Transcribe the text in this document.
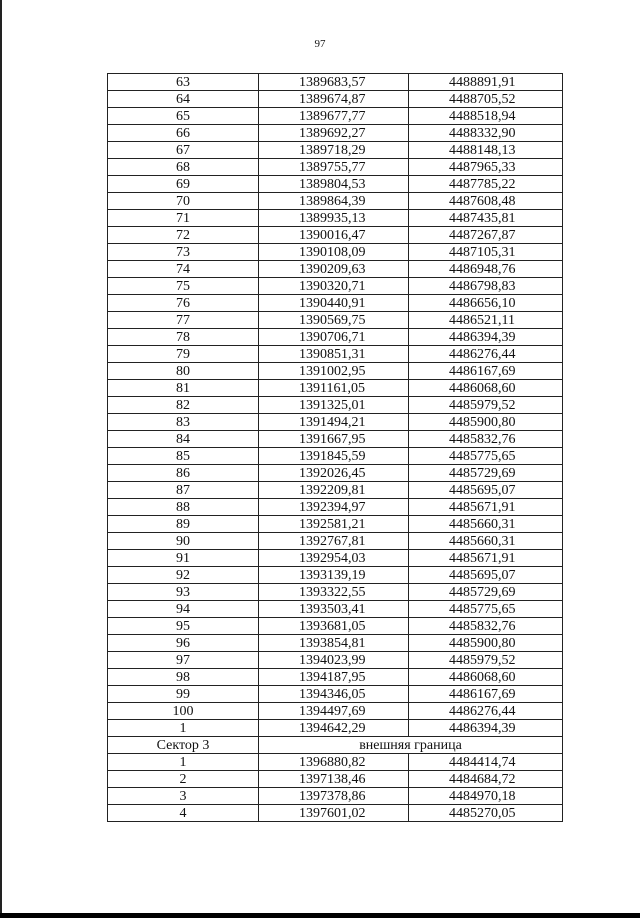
97
63	1389683,57	4488891,91
64	1389674,87	4488705,52
65	1389677,77	4488518,94
66	1389692,27	4488332,90
67	1389718,29	4488148,13
68	1389755,77	4487965,33
69	1389804,53	4487785,22
70	1389864,39	4487608,48
71	1389935,13	4487435,81
72	1390016,47	4487267,87
73	1390108,09	4487105,31
74	1390209,63	4486948,76
75	1390320,71	4486798,83
76	1390440,91	4486656,10
77	1390569,75	4486521,11
78	1390706,71	4486394,39
79	1390851,31	4486276,44
80	1391002,95	4486167,69
81	1391161,05	4486068,60
82	1391325,01	4485979,52
83	1391494,21	4485900,80
84	1391667,95	4485832,76
85	1391845,59	4485775,65
86	1392026,45	4485729,69
87	1392209,81	4485695,07
88	1392394,97	4485671,91
89	1392581,21	4485660,31
90	1392767,81	4485660,31
91	1392954,03	4485671,91
92	1393139,19	4485695,07
93	1393322,55	4485729,69
94	1393503,41	4485775,65
95	1393681,05	4485832,76
96	1393854,81	4485900,80
97	1394023,99	4485979,52
98	1394187,95	4486068,60
99	1394346,05	4486167,69
100	1394497,69	4486276,44
1	1394642,29	4486394,39
Сектор 3	внешняя граница	
1	1396880,82	4484414,74
2	1397138,46	4484684,72
3	1397378,86	4484970,18
4	1397601,02	4485270,05
